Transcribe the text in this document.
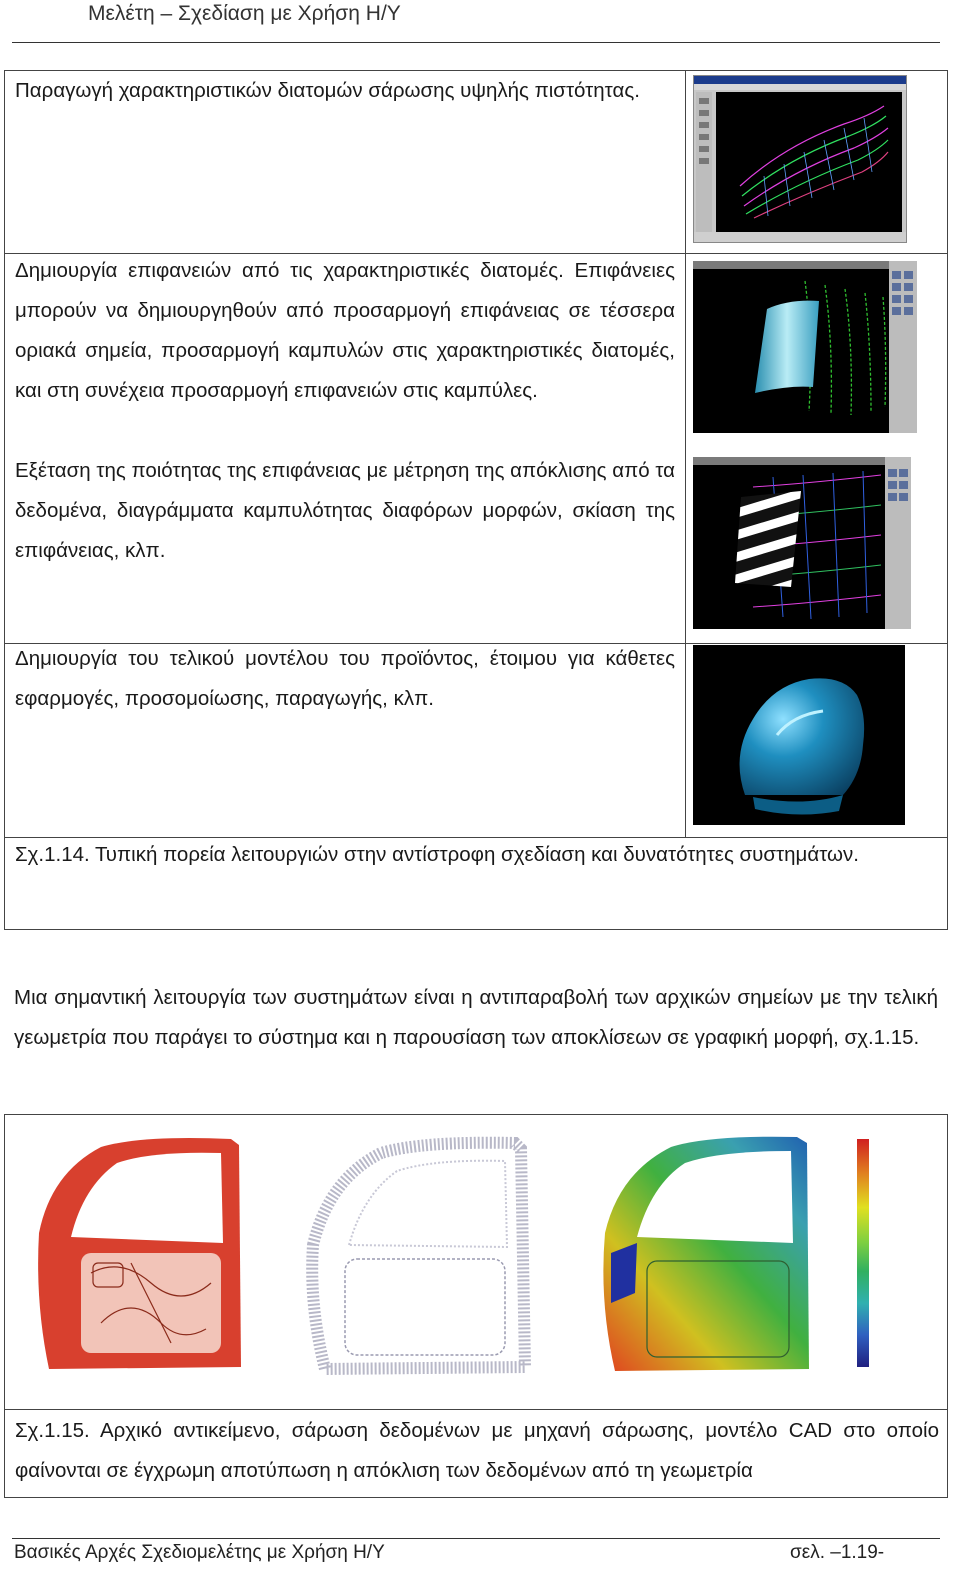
Μελέτη – Σχεδίαση με Χρήση Η/Υ
Παραγωγή χαρακτηριστικών διατομών σάρωσης υψηλής πιστότητας.
Δημιουργία επιφανειών από τις χαρακτηριστικές διατομές. Επιφάνειες μπορούν να δημιουργηθούν από προσαρμογή επιφάνειας σε τέσσερα οριακά σημεία, προσαρμογή καμπυλών στις χαρακτηριστικές διατομές, και στη συνέχεια προσαρμογή επιφανειών στις καμπύλες.
Εξέταση της ποιότητας της επιφάνειας με μέτρηση της απόκλισης από τα δεδομένα, διαγράμματα καμπυλότητας διαφόρων μορφών, σκίαση της επιφάνειας, κλπ.
Δημιουργία του τελικού μοντέλου του προϊόντος, έτοιμου για κάθετες εφαρμογές, προσομοίωσης, παραγωγής, κλπ.
Σχ.1.14. Τυπική πορεία λειτουργιών στην αντίστροφη σχεδίαση και δυνατότητες συστημάτων.
Μια σημαντική λειτουργία των συστημάτων είναι η αντιπαραβολή των αρχικών σημείων με την τελική γεωμετρία που παράγει το σύστημα και η παρουσίαση των αποκλίσεων σε γραφική μορφή, σχ.1.15.
Σχ.1.15. Αρχικό αντικείμενο, σάρωση δεδομένων με μηχανή σάρωσης, μοντέλο CAD στο οποίο φαίνονται σε έγχρωμη αποτύπωση η απόκλιση των δεδομένων από τη γεωμετρία
Βασικές Αρχές Σχεδιομελέτης με Χρήση Η/Υ	σελ. –1.19-
